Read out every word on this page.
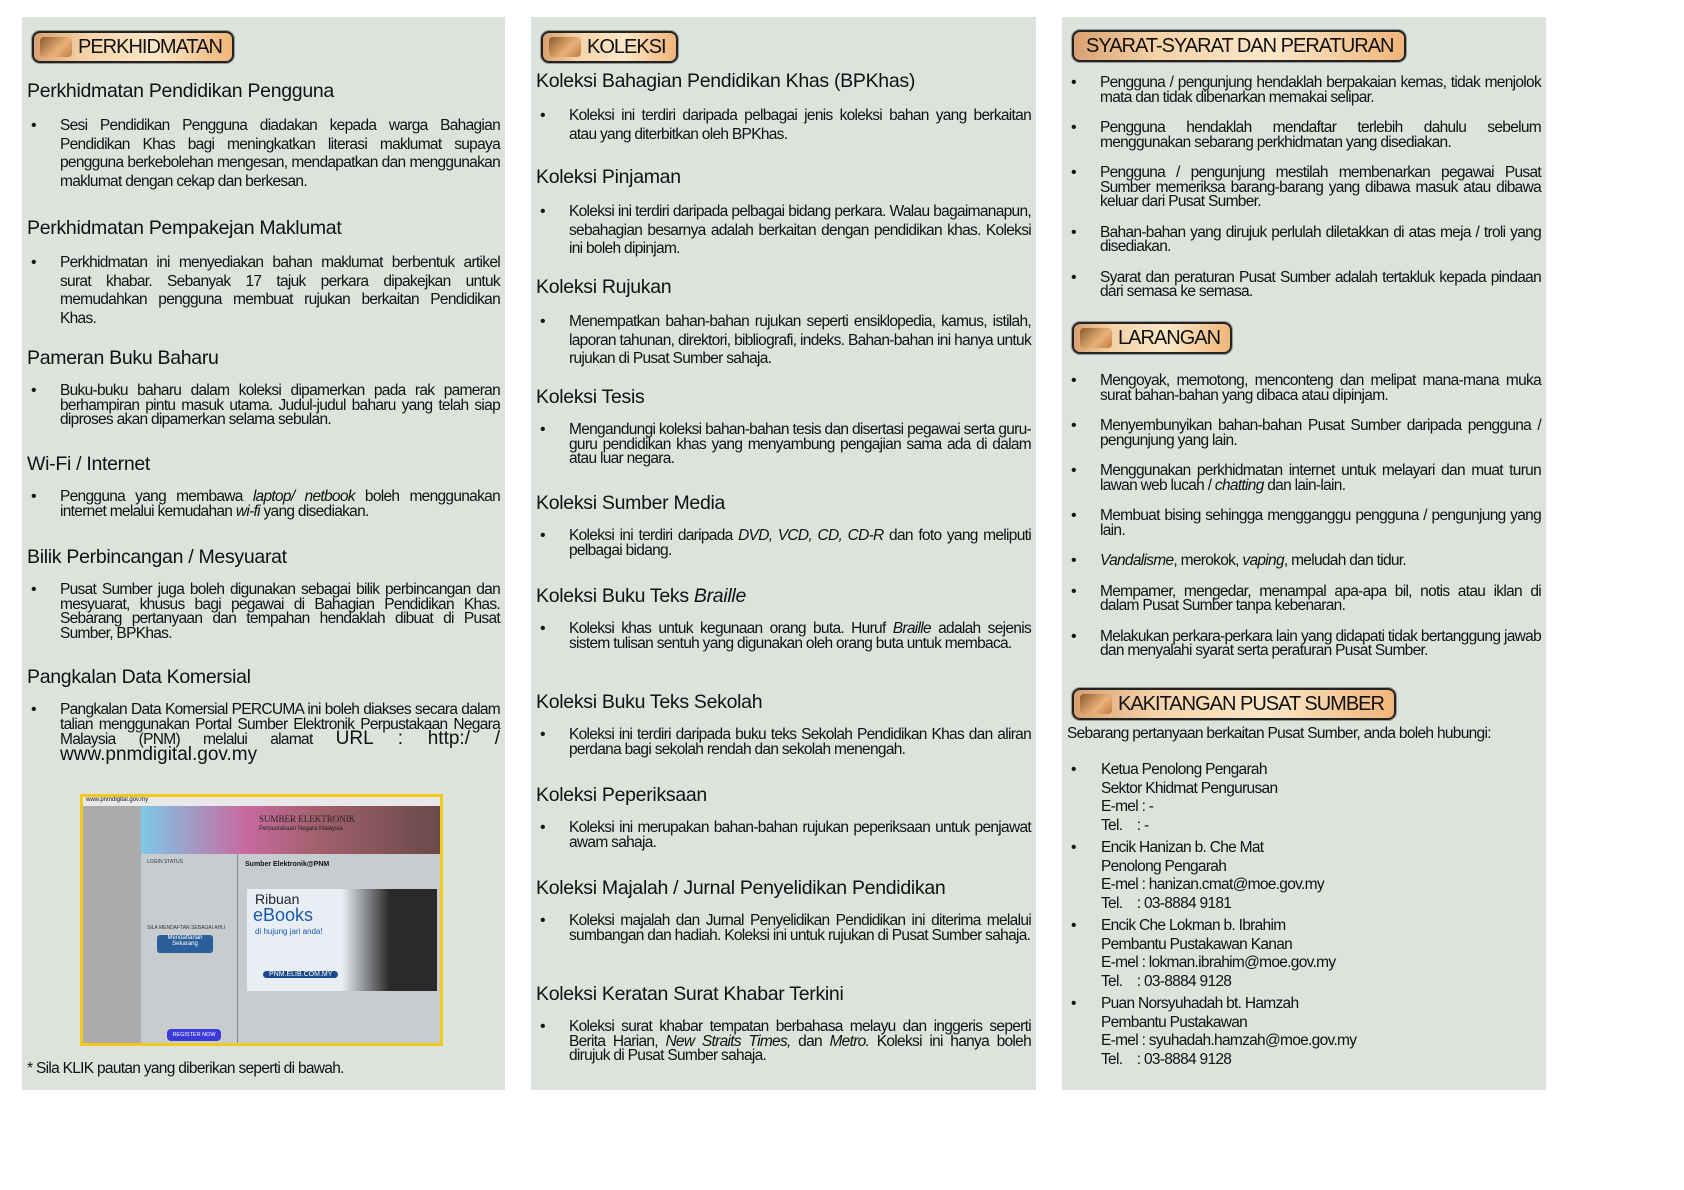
PERKHIDMATAN
Perkhidmatan Pendidikan Pengguna
• Sesi Pendidikan Pengguna diadakan kepada warga Bahagian Pendidikan Khas bagi meningkatkan literasi maklumat supaya pengguna berkebolehan mengesan, mendapatkan dan menggunakan maklumat dengan cekap dan berkesan.
Perkhidmatan Pempakejan Maklumat
• Perkhidmatan ini menyediakan bahan maklumat berbentuk artikel surat khabar. Sebanyak 17 tajuk perkara dipakejkan untuk memudahkan pengguna membuat rujukan berkaitan Pendidikan Khas.
Pameran Buku Baharu
• Buku-buku baharu dalam koleksi dipamerkan pada rak pameran berhampiran pintu masuk utama. Judul-judul baharu yang telah siap diproses akan dipamerkan selama sebulan.
Wi-Fi / Internet
• Pengguna yang membawa laptop/ netbook boleh menggunakan internet melalui kemudahan wi-fi yang disediakan.
Bilik Perbincangan / Mesyuarat
• Pusat Sumber juga boleh digunakan sebagai bilik perbincangan dan mesyuarat, khusus bagi pegawai di Bahagian Pendidikan Khas. Sebarang pertanyaan dan tempahan hendaklah dibuat di Pusat Sumber, BPKhas.
Pangkalan Data Komersial
• Pangkalan Data Komersial PERCUMA ini boleh diakses secara dalam talian menggunakan Portal Sumber Elektronik Perpustakaan Negara Malaysia (PNM) melalui alamat URL : http:/ / www.pnmdigital.gov.my
www.pnmdigital.gov.my
SUMBER ELEKTRONIK
Perpustakaan Negara Malaysia
LOGIN STATUS
SILA MENDAFTAR SEBAGAI AHLI
Mendaftarlah Sekarang
REGISTER NOW
Sumber Elektronik@PNM
Ribuan
eBooks
di hujung jari anda!
PNM.ELIB.COM.MY
* Sila KLIK pautan yang diberikan seperti di bawah.
KOLEKSI
Koleksi Bahagian Pendidikan Khas (BPKhas)
• Koleksi ini terdiri daripada pelbagai jenis koleksi bahan yang berkaitan atau yang diterbitkan oleh BPKhas.
Koleksi Pinjaman
• Koleksi ini terdiri daripada pelbagai bidang perkara. Walau bagaimanapun, sebahagian besarnya adalah berkaitan dengan pendidikan khas. Koleksi ini boleh dipinjam.
Koleksi Rujukan
• Menempatkan bahan-bahan rujukan seperti ensiklopedia, kamus, istilah, laporan tahunan, direktori, bibliografi, indeks. Bahan-bahan ini hanya untuk rujukan di Pusat Sumber sahaja.
Koleksi Tesis
• Mengandungi koleksi bahan-bahan tesis dan disertasi pegawai serta guru-guru pendidikan khas yang menyambung pengajian sama ada di dalam atau luar negara.
Koleksi Sumber Media
• Koleksi ini terdiri daripada DVD, VCD, CD, CD-R dan foto yang meliputi pelbagai bidang.
Koleksi Buku Teks Braille
• Koleksi khas untuk kegunaan orang buta. Huruf Braille adalah sejenis sistem tulisan sentuh yang digunakan oleh orang buta untuk membaca.
Koleksi Buku Teks Sekolah
• Koleksi ini terdiri daripada buku teks Sekolah Pendidikan Khas dan aliran perdana bagi sekolah rendah dan sekolah menengah.
Koleksi Peperiksaan
• Koleksi ini merupakan bahan-bahan rujukan peperiksaan untuk penjawat awam sahaja.
Koleksi Majalah / Jurnal Penyelidikan Pendidikan
• Koleksi majalah dan Jurnal Penyelidikan Pendidikan ini diterima melalui sumbangan dan hadiah. Koleksi ini untuk rujukan di Pusat Sumber sahaja.
Koleksi Keratan Surat Khabar Terkini
• Koleksi surat khabar tempatan berbahasa melayu dan inggeris seperti Berita Harian, New Straits Times, dan Metro. Koleksi ini hanya boleh dirujuk di Pusat Sumber sahaja.
SYARAT-SYARAT DAN PERATURAN
• Pengguna / pengunjung hendaklah berpakaian kemas, tidak menjolok mata dan tidak dibenarkan memakai selipar.
• Pengguna hendaklah mendaftar terlebih dahulu sebelum menggunakan sebarang perkhidmatan yang disediakan.
• Pengguna / pengunjung mestilah membenarkan pegawai Pusat Sumber memeriksa barang-barang yang dibawa masuk atau dibawa keluar dari Pusat Sumber.
• Bahan-bahan yang dirujuk perlulah diletakkan di atas meja / troli yang disediakan.
• Syarat dan peraturan Pusat Sumber adalah tertakluk kepada pindaan dari semasa ke semasa.
LARANGAN
• Mengoyak, memotong, menconteng dan melipat mana-mana muka surat bahan-bahan yang dibaca atau dipinjam.
• Menyembunyikan bahan-bahan Pusat Sumber daripada pengguna / pengunjung yang lain.
• Menggunakan perkhidmatan internet untuk melayari dan muat turun lawan web lucah / chatting dan lain-lain.
• Membuat bising sehingga mengganggu pengguna / pengunjung yang lain.
• Vandalisme, merokok, vaping, meludah dan tidur.
• Mempamer, mengedar, menampal apa-apa bil, notis atau iklan di dalam Pusat Sumber tanpa kebenaran.
• Melakukan perkara-perkara lain yang didapati tidak bertanggung jawab dan menyalahi syarat serta peraturan Pusat Sumber.
KAKITANGAN PUSAT SUMBER
Sebarang pertanyaan berkaitan Pusat Sumber, anda boleh hubungi:
• Ketua Penolong Pengarah
Sektor Khidmat Pengurusan
E-mel : -
Tel.    : -
• Encik Hanizan b. Che Mat
Penolong Pengarah
E-mel : hanizan.cmat@moe.gov.my
Tel.    : 03-8884 9181
• Encik Che Lokman b. Ibrahim
Pembantu Pustakawan Kanan
E-mel : lokman.ibrahim@moe.gov.my
Tel.    : 03-8884 9128
• Puan Norsyuhadah bt. Hamzah
Pembantu Pustakawan
E-mel : syuhadah.hamzah@moe.gov.my
Tel.    : 03-8884 9128
